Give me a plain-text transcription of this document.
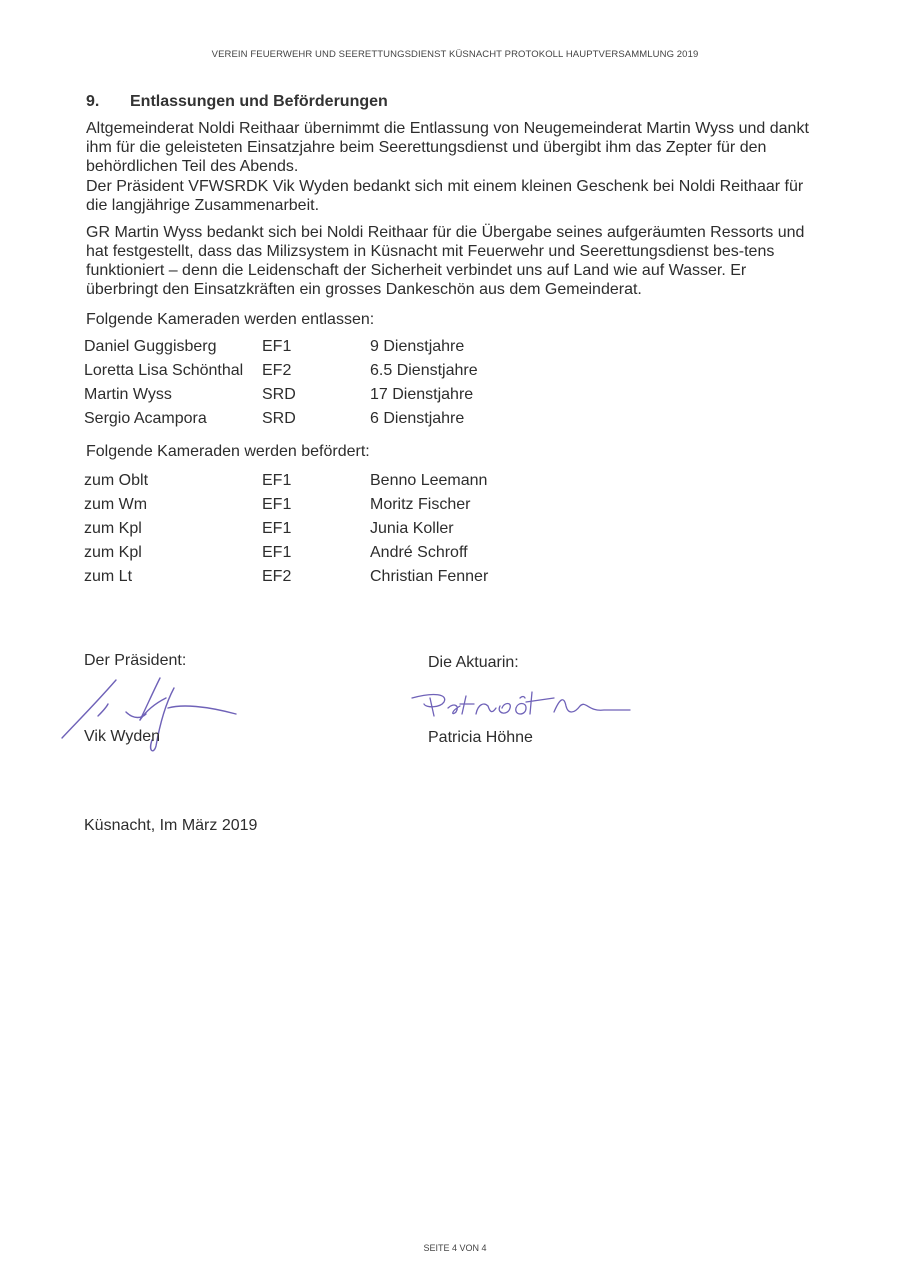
VEREIN FEUERWEHR UND SEERETTUNGSDIENST KÜSNACHT PROTOKOLL HAUPTVERSAMMLUNG 2019
9. Entlassungen und Beförderungen
Altgemeinderat Noldi Reithaar übernimmt die Entlassung von Neugemeinderat Martin Wyss und dankt ihm für die geleisteten Einsatzjahre beim Seerettungsdienst und übergibt ihm das Zepter für den behördlichen Teil des Abends.
Der Präsident VFWSRDK Vik Wyden bedankt sich mit einem kleinen Geschenk bei Noldi Reithaar für die langjährige Zusammenarbeit.
GR Martin Wyss bedankt sich bei Noldi Reithaar für die Übergabe seines aufgeräumten Ressorts und hat festgestellt, dass das Milizsystem in Küsnacht mit Feuerwehr und Seerettungsdienst bes-tens funktioniert – denn die Leidenschaft der Sicherheit verbindet uns auf Land wie auf Wasser. Er überbringt den Einsatzkräften ein grosses Dankeschön aus dem Gemeinderat.
Folgende Kameraden werden entlassen:
Daniel Guggisberg	EF1	9 Dienstjahre
Loretta Lisa Schönthal EF2	6.5 Dienstjahre
Martin Wyss	SRD	17 Dienstjahre
Sergio Acampora	SRD	6 Dienstjahre
Folgende Kameraden werden befördert:
zum Oblt	EF1	Benno Leemann
zum Wm	EF1	Moritz Fischer
zum Kpl	EF1	Junia Koller
zum Kpl	EF1	André Schroff
zum Lt	EF2	Christian Fenner
Der Präsident:
Vik Wyden
Die Aktuarin:
Patricia Höhne
Küsnacht, Im März 2019
SEITE 4 VON 4
